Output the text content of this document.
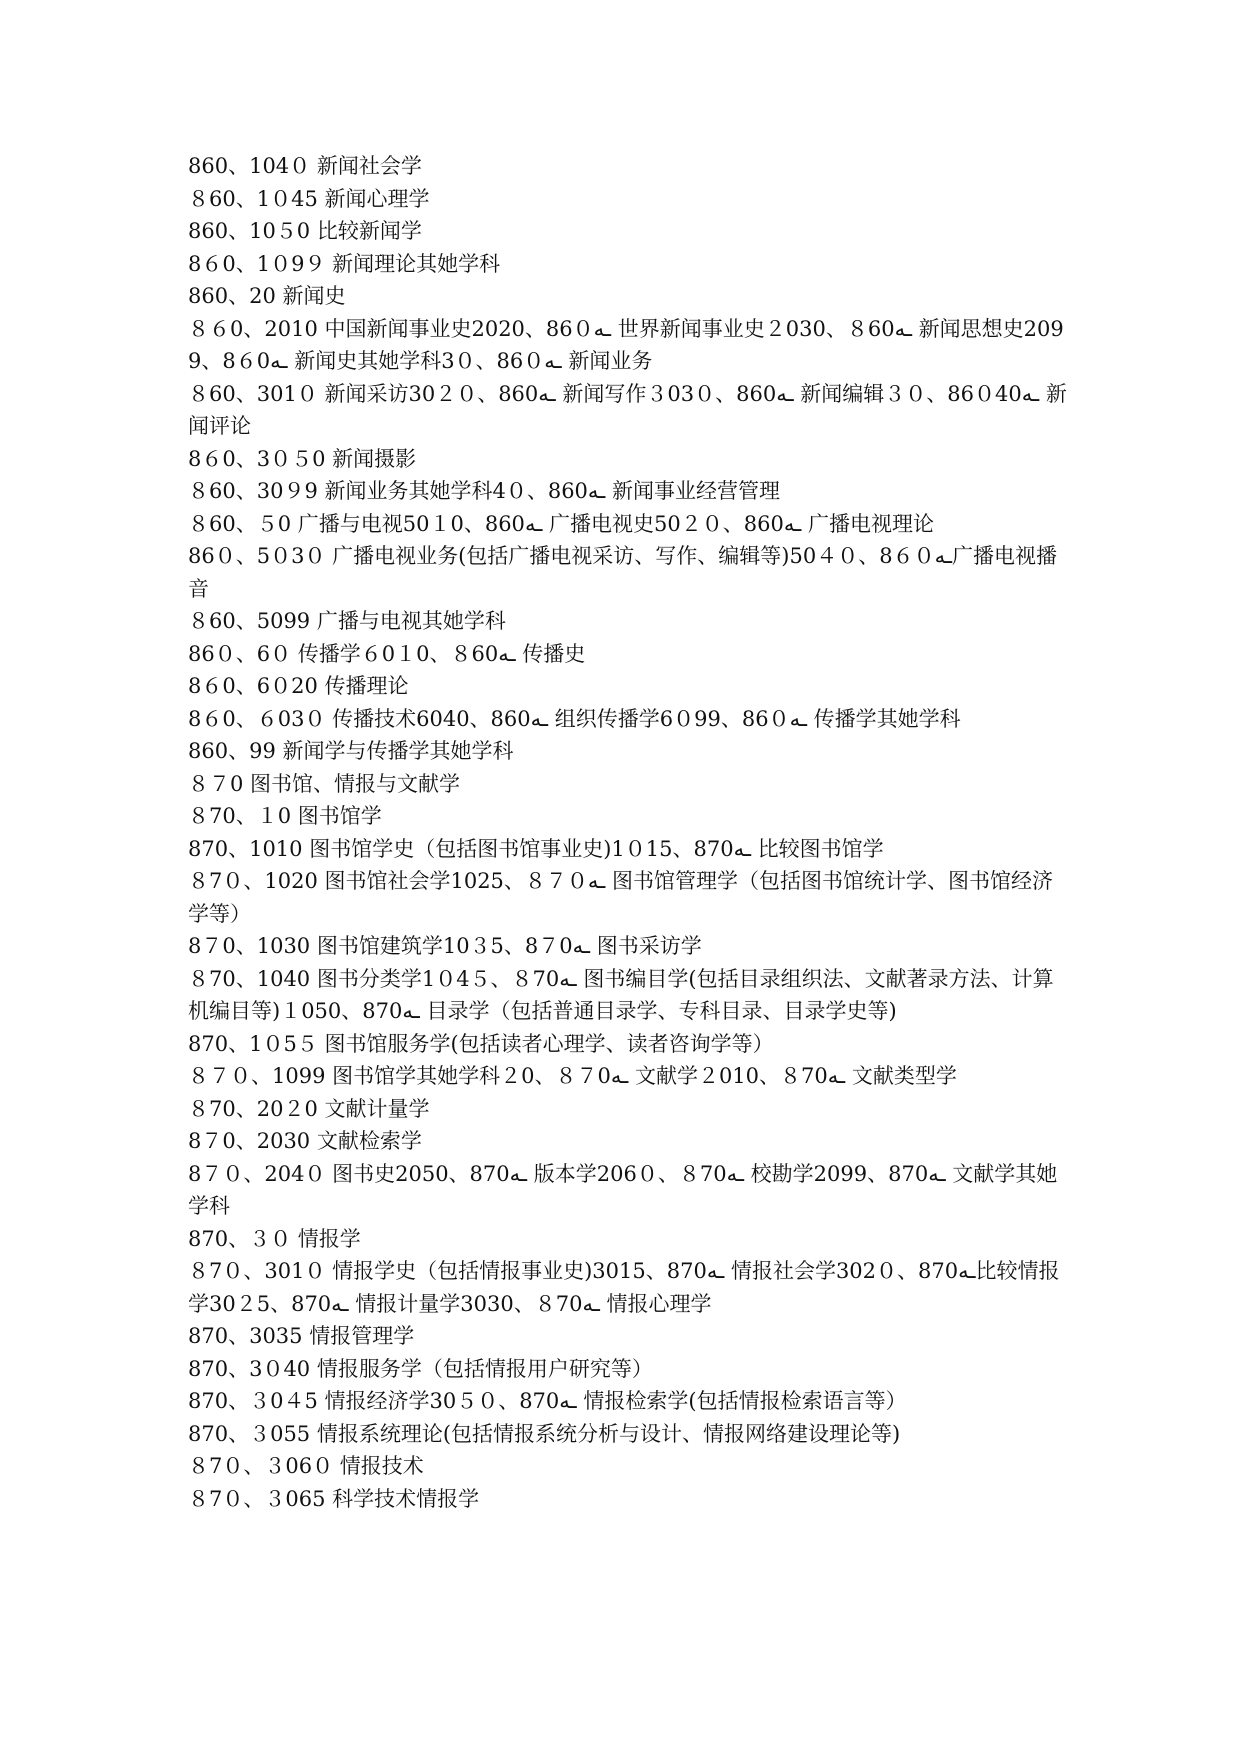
860、104０ 新闻社会学
８60、1０45 新闻心理学
860、10５0 比较新闻学
8６0、1０9９ 新闻理论其她学科
860、20 新闻史
８６0、2010 中国新闻事业史2020、86０ـه 世界新闻事业史２030、８60ـه 新闻思想史2099、8６0ـه 新闻史其她学科3０、86０ـه 新闻业务
８60、301０ 新闻采访30２０、860ـه 新闻写作３03０、860ـه 新闻编辑３０、86０ـه40 新闻评论
8６0、3０５0 新闻摄影
８60、30９9 新闻业务其她学科4０、860ـه 新闻事业经营管理
８60、５0 广播与电视50１0、860ـه 广播电视史50２０、860ـه 广播电视理论
86０、5０3０ 广播电视业务(包括广播电视采访、写作、编辑等)50４０、8６０ـه广播电视播音
８60、5099 广播与电视其她学科
86０、6０ 传播学６0１0、８60ـه 传播史
8６0、6０20 传播理论
8６0、６03０ 传播技术6040、860ـه 组织传播学6０99、86０ـه 传播学其她学科
860、99 新闻学与传播学其她学科
８７0 图书馆、情报与文献学
８70、１0 图书馆学
870、1010 图书馆学史（包括图书馆事业史)1０15、870ـه 比较图书馆学
８7０、1020 图书馆社会学1025、８７０ـه 图书馆管理学（包括图书馆统计学、图书馆经济学等）
8７0、1030 图书馆建筑学10３5、8７0ـه 图书采访学
８70、1040 图书分类学1０4５、８70ـه 图书编目学(包括目录组织法、文献著录方法、计算机编目等)１050、870ـه 目录学（包括普通目录学、专科目录、目录学史等)
870、1０5５ 图书馆服务学(包括读者心理学、读者咨询学等）
８７０、1099 图书馆学其她学科２0、８７0ـه 文献学２010、８70ـه 文献类型学
８70、20２0 文献计量学
8７0、2030 文献检索学
8７０、204０ 图书史2050、870ـه 版本学206０、８70ـه 校勘学2099、870ـه 文献学其她学科
870、３０ 情报学
８7０、301０ 情报学史（包括情报事业史)3015、870ـه 情报社会学302０、870ـه比较情报学30２5、870ـه 情报计量学3030、８70ـه 情报心理学
870、3035 情报管理学
870、3０40 情报服务学（包括情报用户研究等）
870、３0４5 情报经济学30５０、870ـه 情报检索学(包括情报检索语言等）
870、３055 情报系统理论(包括情报系统分析与设计、情报网络建设理论等)
８7０、３06０ 情报技术
８7０、３065 科学技术情报学
